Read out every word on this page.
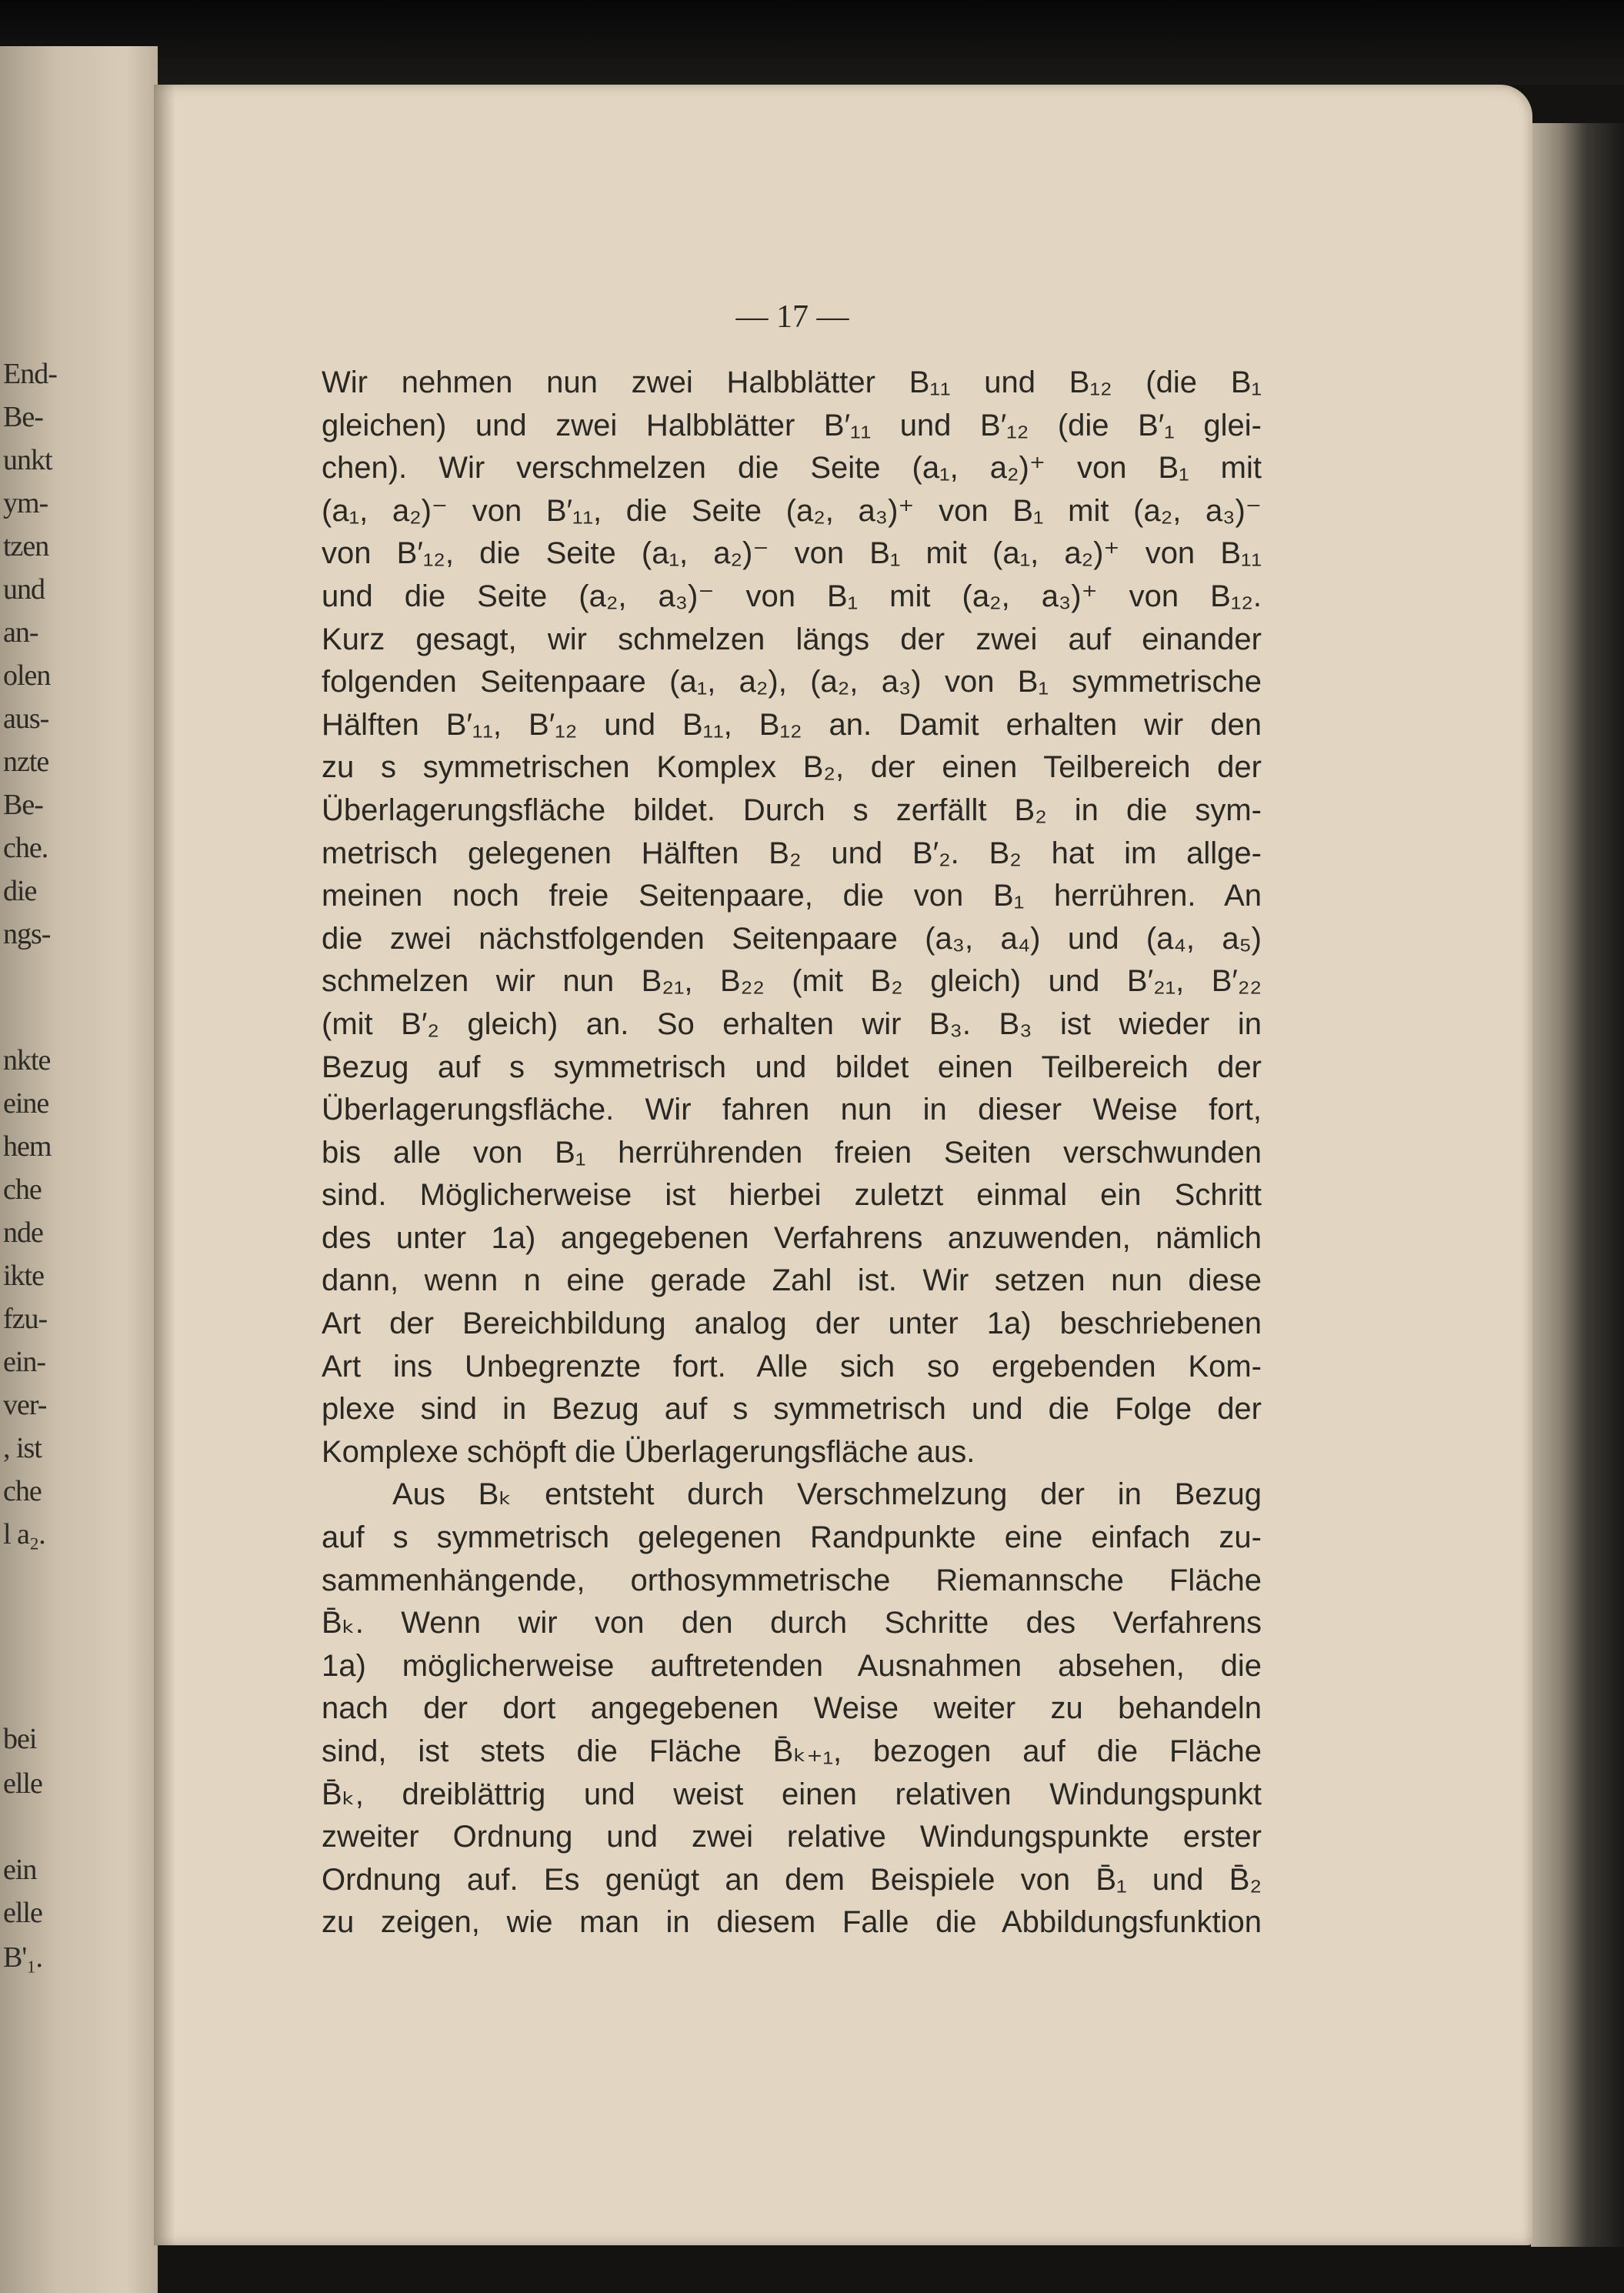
End-
Be-
unkt
ym-
tzen
und
an-
olen
aus-
nzte
Be-
che.
die
ngs-
nkte
eine
hem
che
nde
ikte
fzu-
ein-
ver-
, ist
che
l a₂.
bei
elle
ein
elle
B'₁.
— 17 —
Wir nehmen nun zwei Halbblätter B₁₁ und B₁₂ (die B₁
gleichen) und zwei Halbblätter B′₁₁ und B′₁₂ (die B′₁ glei-
chen). Wir verschmelzen die Seite (a₁, a₂)⁺ von B₁ mit
(a₁, a₂)⁻ von B′₁₁, die Seite (a₂, a₃)⁺ von B₁ mit (a₂, a₃)⁻
von B′₁₂, die Seite (a₁, a₂)⁻ von B₁ mit (a₁, a₂)⁺ von B₁₁
und die Seite (a₂, a₃)⁻ von B₁ mit (a₂, a₃)⁺ von B₁₂.
Kurz gesagt, wir schmelzen längs der zwei auf einander
folgenden Seitenpaare (a₁, a₂), (a₂, a₃) von B₁ symmetrische
Hälften B′₁₁, B′₁₂ und B₁₁, B₁₂ an. Damit erhalten wir den
zu s symmetrischen Komplex B₂, der einen Teilbereich der
Überlagerungsfläche bildet. Durch s zerfällt B₂ in die sym-
metrisch gelegenen Hälften B₂ und B′₂. B₂ hat im allge-
meinen noch freie Seitenpaare, die von B₁ herrühren. An
die zwei nächstfolgenden Seitenpaare (a₃, a₄) und (a₄, a₅)
schmelzen wir nun B₂₁, B₂₂ (mit B₂ gleich) und B′₂₁, B′₂₂
(mit B′₂ gleich) an. So erhalten wir B₃. B₃ ist wieder in
Bezug auf s symmetrisch und bildet einen Teilbereich der
Überlagerungsfläche. Wir fahren nun in dieser Weise fort,
bis alle von B₁ herrührenden freien Seiten verschwunden
sind. Möglicherweise ist hierbei zuletzt einmal ein Schritt
des unter 1a) angegebenen Verfahrens anzuwenden, nämlich
dann, wenn n eine gerade Zahl ist. Wir setzen nun diese
Art der Bereichbildung analog der unter 1a) beschriebenen
Art ins Unbegrenzte fort. Alle sich so ergebenden Kom-
plexe sind in Bezug auf s symmetrisch und die Folge der
Komplexe schöpft die Überlagerungsfläche aus.
Aus Bₖ entsteht durch Verschmelzung der in Bezug
auf s symmetrisch gelegenen Randpunkte eine einfach zu-
sammenhängende, orthosymmetrische Riemannsche Fläche
B̄ₖ. Wenn wir von den durch Schritte des Verfahrens
1a) möglicherweise auftretenden Ausnahmen absehen, die
nach der dort angegebenen Weise weiter zu behandeln
sind, ist stets die Fläche B̄ₖ₊₁, bezogen auf die Fläche
B̄ₖ, dreiblättrig und weist einen relativen Windungspunkt
zweiter Ordnung und zwei relative Windungspunkte erster
Ordnung auf. Es genügt an dem Beispiele von B̄₁ und B̄₂
zu zeigen, wie man in diesem Falle die Abbildungsfunktion
